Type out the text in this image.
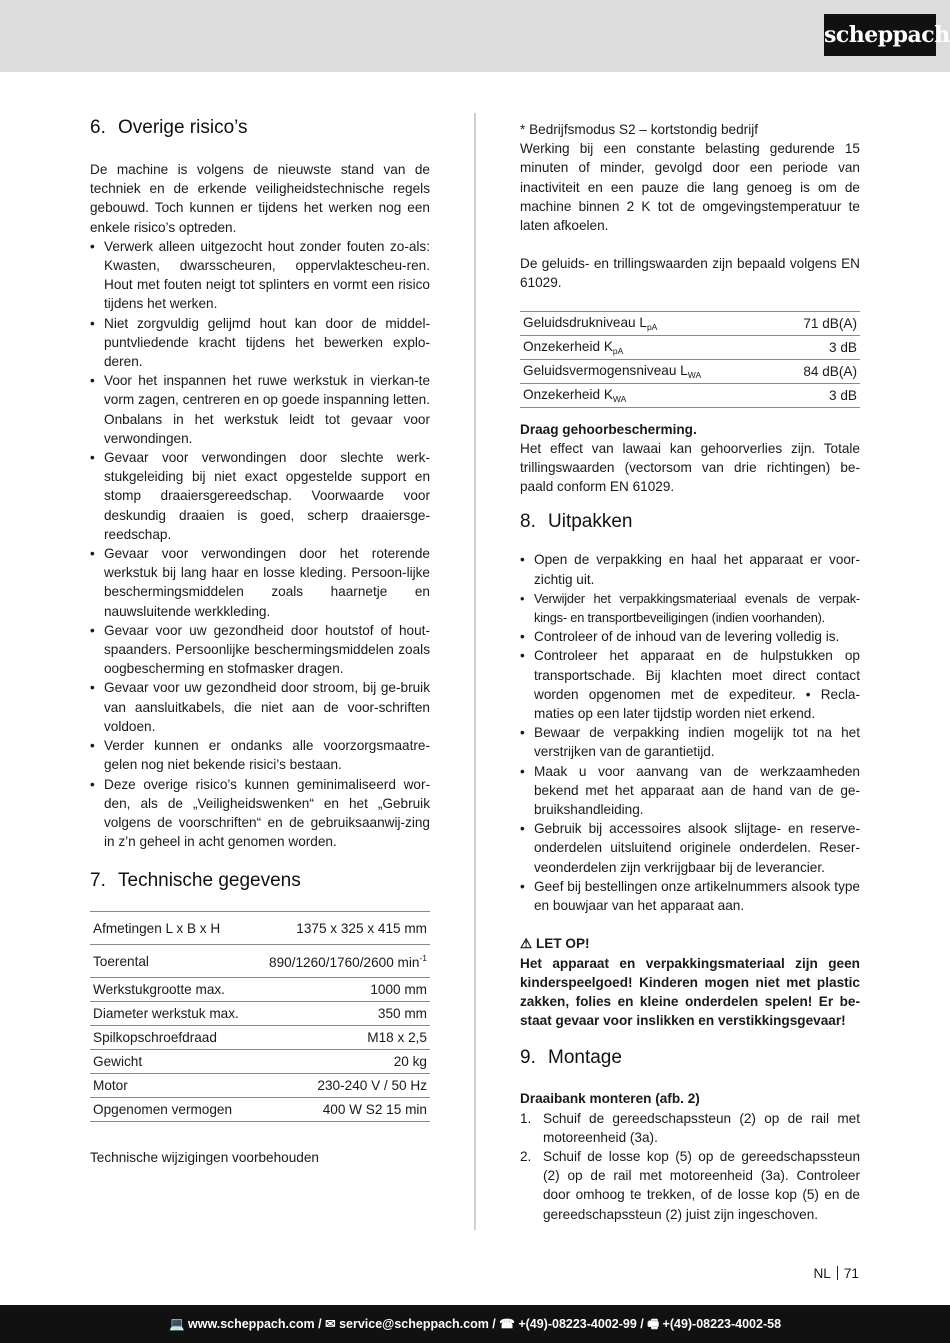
scheppach
6. Overige risico’s

De machine is volgens de nieuwste stand van de techniek en de erkende veiligheidstechnische regels gebouwd. Toch kunnen er tijdens het werken nog een enkele risico’s optreden.

• Verwerk alleen uitgezocht hout zonder fouten zo-als: Kwasten, dwarsscheuren, oppervlaktescheu-ren. Hout met fouten neigt tot splinters en vormt een risico tijdens het werken.
• Niet zorgvuldig gelijmd hout kan door de middel-puntvliedende kracht tijdens het bewerken explo-deren.
• Voor het inspannen het ruwe werkstuk in vierkan-te vorm zagen, centreren en op goede inspanning letten. Onbalans in het werkstuk leidt tot gevaar voor verwondingen.
• Gevaar voor verwondingen door slechte werk-stukgeleiding bij niet exact opgestelde support en stomp draaiersgereedschap. Voorwaarde voor deskundig draaien is goed, scherp draaiersge-reedschap.
• Gevaar voor verwondingen door het roterende werkstuk bij lang haar en losse kleding. Persoon-lijke beschermingsmiddelen zoals haarnetje en nauwsluitende werkkleding.
• Gevaar voor uw gezondheid door houtstof of hout-spaanders. Persoonlijke beschermingsmiddelen zoals oogbescherming en stofmasker dragen.
• Gevaar voor uw gezondheid door stroom, bij ge-bruik van aansluitkabels, die niet aan de voor-schriften voldoen.
• Verder kunnen er ondanks alle voorzorgsmaatre-gelen nog niet bekende risici’s bestaan.
• Deze overige risico’s kunnen geminimaliseerd wor-den, als de „Veiligheidswenken“ en het „Gebruik volgens de voorschriften“ en de gebruiksaanwij-zing in z’n geheel in acht genomen worden.
7. Technische gegevens
Afmetingen L x B x H	1375 x 325 x 415 mm
Toerental	890/1260/1760/2600 $\min^{-1}$
Werkstukgrootte max.	1000 mm
Diameter werkstuk max.	350 mm
Spilkopschroefdraad	M18 x 2,5
Gewicht	20 kg
Motor	230-240 V / 50 Hz
Opgenomen vermogen	400 W S2 15 min

Technische wijzigingen voorbehouden

* Bedrijfsmodus S2 – kortstondig bedrijf

Werking bij een constante belasting gedurende 15 minuten of minder, gevolgd door een periode van inactiviteit en een pauze die lang genoeg is om de machine binnen 2 K tot de omgevingstemperatuur te laten afkoelen.

De geluids- en trillingswaarden zijn bepaald volgens EN 61029.

Geluidsdrukniveau $L_{pA}$	71 dB(A)
Onzekerheid $K_{pA}$	3 dB
Geluidsvermogensniveau $L_{WA}$	84 dB(A)
Onzekerheid $K_{WA}$	3 dB

Draag gehoorbescherming.

Het effect van lawaai kan gehoorverlies zijn. Totale trillingswaarden (vectorsom van drie richtingen) be-paald conform EN 61029.

8. Uitpakken
• Open de verpakking en haal het apparaat er voor-zichtig uit.
• Verwijder het verpakkingsmateriaal evenals de verpak-kings- en transportbeveiligingen (indien voorhanden).
• Controleer of de inhoud van de levering volledig is.
• Controleer het apparaat en de hulpstukken op transportschade. Bij klachten moet direct contact worden opgenomen met de expediteur. • Recla-maties op een later tijdstip worden niet erkend.
• Bewaar de verpakking indien mogelijk tot na het verstrijken van de garantietijd.
• Maak u voor aanvang van de werkzaamheden bekend met het apparaat aan de hand van de ge-bruikshandleiding.
• Gebruik bij accessoires alsook slijtage- en reserve-onderdelen uitsluitend originele onderdelen. Reser-veonderdelen zijn verkrijgbaar bij de leverancier.
• Geef bij bestellingen onze artikelnummers alsook type en bouwjaar van het apparaat aan.

⚠ LET OP!

Het apparaat en verpakkingsmateriaal zijn geen kinderspeelgoed! Kinderen mogen niet met plastic zakken, folies en kleine onderdelen spelen! Er be-staat gevaar voor inslikken en verstikkingsgevaar!

9. Montage

Draaibank monteren (afb. 2)

1. Schuif de gereedschapssteun (2) op de rail met motoreenheid (3a).
2. Schuif de losse kop (5) op de gereedschapssteun (2) op de rail met motoreenheid (3a). Controleer door omhoog te trekken, of de losse kop (5) en de gereedschapssteun (2) juist zijn ingeschoven.
NL 71
💻 www.scheppach.com / ✉ service@scheppach.com / ☎ +(49)-08223-4002-99 / 🖷 +(49)-08223-4002-58
